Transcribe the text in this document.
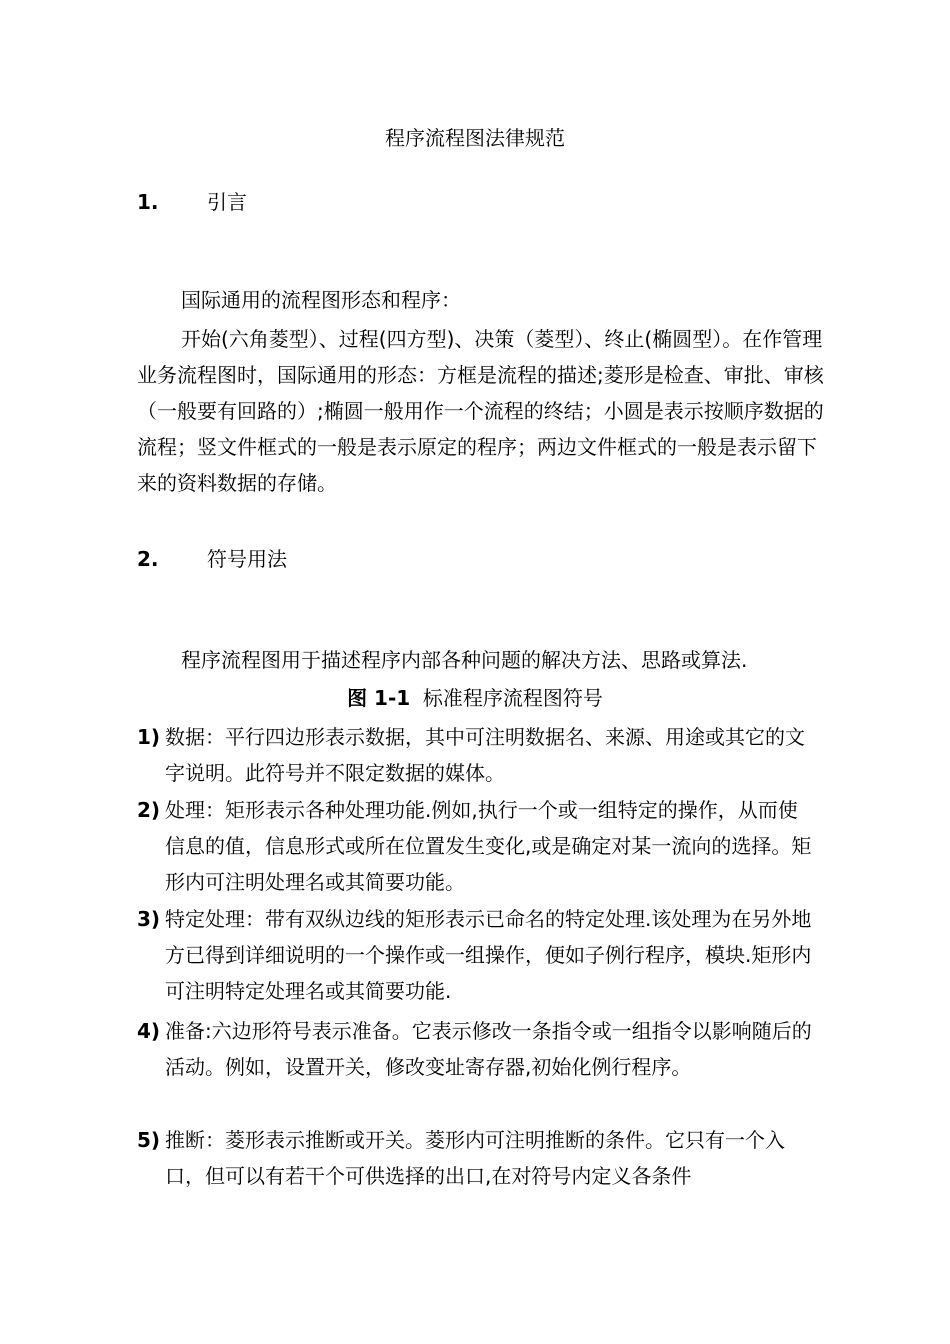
程序流程图法律规范
1. 引言
国际通用的流程图形态和程序：
开始(六角菱型）、过程(四方型)、决策（菱型）、终止(椭圆型）。在作管理业务流程图时，国际通用的形态：方框是流程的描述;菱形是检查、审批、审核（一般要有回路的）;椭圆一般用作一个流程的终结；小圆是表示按顺序数据的流程；竖文件框式的一般是表示原定的程序；两边文件框式的一般是表示留下来的资料数据的存储。
2. 符号用法
程序流程图用于描述程序内部各种问题的解决方法、思路或算法.
图 1-1 标准程序流程图符号
1) 数据：平行四边形表示数据，其中可注明数据名、来源、用途或其它的文字说明。此符号并不限定数据的媒体。
2) 处理：矩形表示各种处理功能.例如,执行一个或一组特定的操作，从而使信息的值，信息形式或所在位置发生变化,或是确定对某一流向的选择。矩形内可注明处理名或其简要功能。
3) 特定处理：带有双纵边线的矩形表示已命名的特定处理.该处理为在另外地方已得到详细说明的一个操作或一组操作，便如子例行程序，模块.矩形内可注明特定处理名或其简要功能.
4) 准备:六边形符号表示准备。它表示修改一条指令或一组指令以影响随后的活动。例如，设置开关，修改变址寄存器,初始化例行程序。
5) 推断：菱形表示推断或开关。菱形内可注明推断的条件。它只有一个入口，但可以有若干个可供选择的出口,在对符号内定义各条件
